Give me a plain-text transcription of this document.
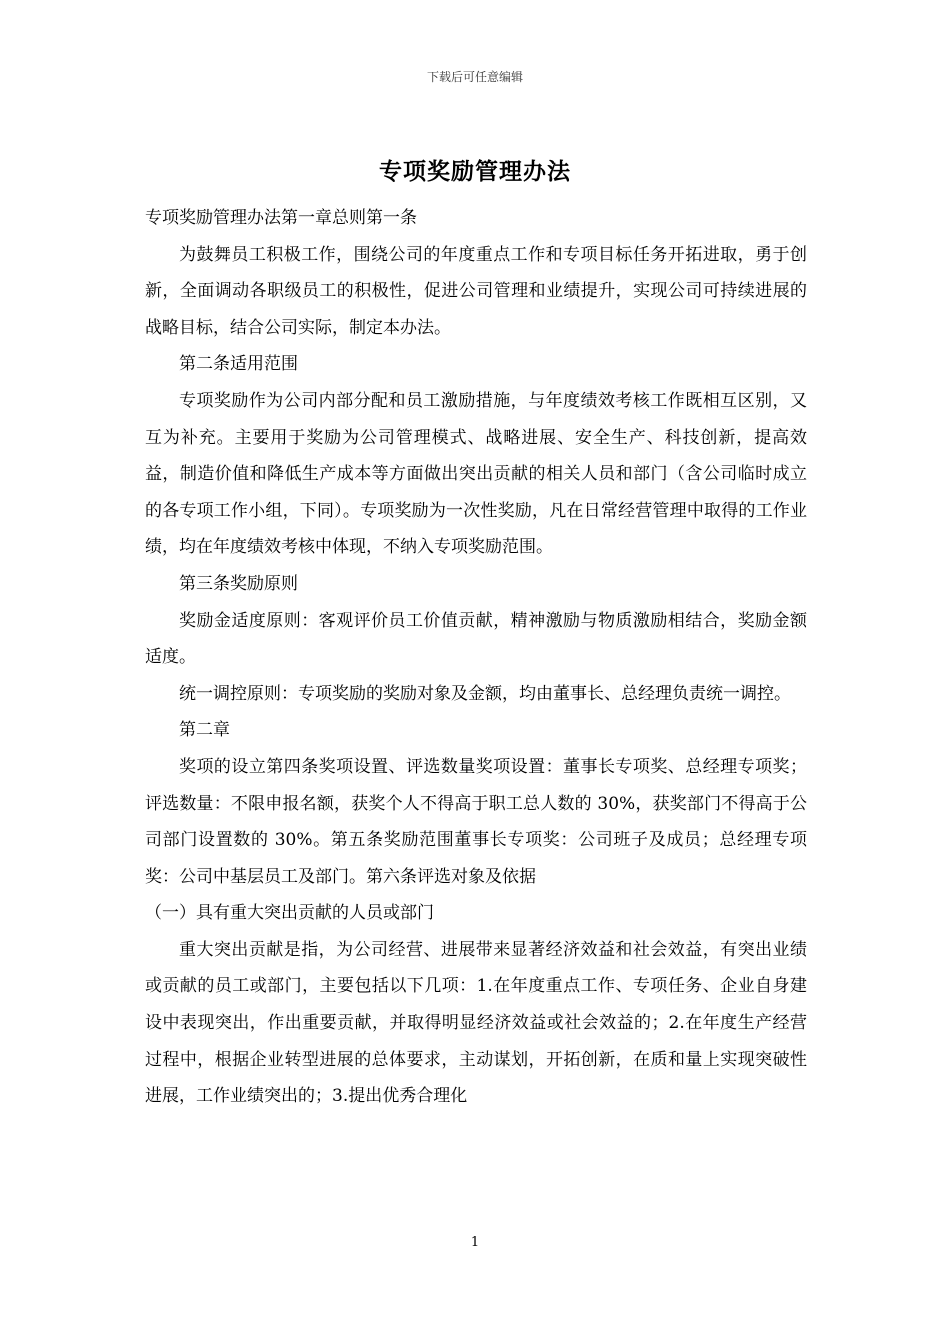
下载后可任意编辑
专项奖励管理办法

专项奖励管理办法第一章总则第一条

为鼓舞员工积极工作，围绕公司的年度重点工作和专项目标任务开拓进取，勇于创新，全面调动各职级员工的积极性，促进公司管理和业绩提升，实现公司可持续进展的战略目标，结合公司实际，制定本办法。

第二条适用范围

专项奖励作为公司内部分配和员工激励措施，与年度绩效考核工作既相互区别，又互为补充。主要用于奖励为公司管理模式、战略进展、安全生产、科技创新，提高效益，制造价值和降低生产成本等方面做出突出贡献的相关人员和部门（含公司临时成立的各专项工作小组，下同）。专项奖励为一次性奖励，凡在日常经营管理中取得的工作业绩，均在年度绩效考核中体现，不纳入专项奖励范围。

第三条奖励原则

奖励金适度原则：客观评价员工价值贡献，精神激励与物质激励相结合，奖励金额适度。

统一调控原则：专项奖励的奖励对象及金额，均由董事长、总经理负责统一调控。

第二章

奖项的设立第四条奖项设置、评选数量奖项设置：董事长专项奖、总经理专项奖；评选数量：不限申报名额，获奖个人不得高于职工总人数的 30%，获奖部门不得高于公司部门设置数的 30%。第五条奖励范围董事长专项奖：公司班子及成员；总经理专项奖：公司中基层员工及部门。第六条评选对象及依据

（一）具有重大突出贡献的人员或部门

重大突出贡献是指，为公司经营、进展带来显著经济效益和社会效益，有突出业绩或贡献的员工或部门，主要包括以下几项：1.在年度重点工作、专项任务、企业自身建设中表现突出，作出重要贡献，并取得明显经济效益或社会效益的；2.在年度生产经营过程中，根据企业转型进展的总体要求，主动谋划，开拓创新，在质和量上实现突破性进展，工作业绩突出的；3.提出优秀合理化

1
